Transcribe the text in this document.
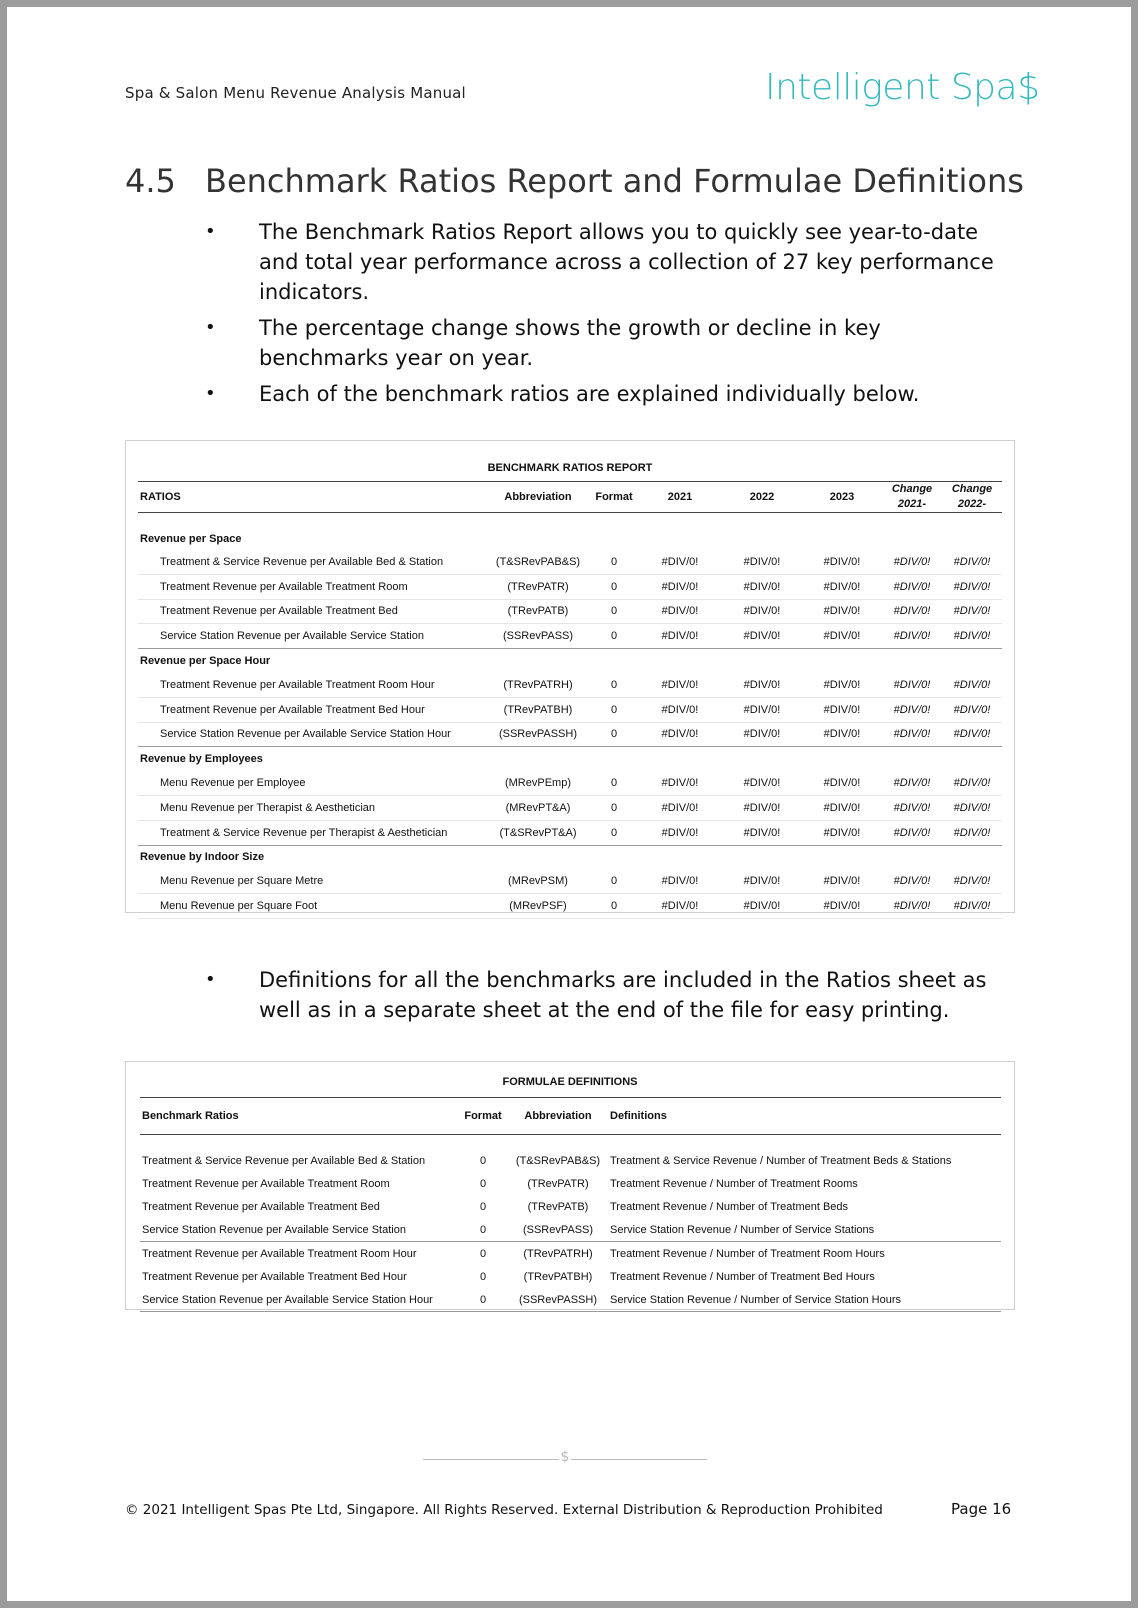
Spa & Salon Menu Revenue Analysis Manual	Intelligent Spa$
4.5 Benchmark Ratios Report and Formulae Definitions
• The Benchmark Ratios Report allows you to quickly see year-to-date and total year performance across a collection of 27 key performance indicators.
• The percentage change shows the growth or decline in key benchmarks year on year.
• Each of the benchmark ratios are explained individually below.
BENCHMARK RATIOS REPORT
RATIOS	Abbreviation	Format	2021	2022	2023	Change 2021-	Change 2022-
Revenue per Space							
Treatment & Service Revenue per Available Bed & Station	(T&SRevPAB&S)	0	#DIV/0!	#DIV/0!	#DIV/0!	#DIV/0!	#DIV/0!
Treatment Revenue per Available Treatment Room	(TRevPATR)	0	#DIV/0!	#DIV/0!	#DIV/0!	#DIV/0!	#DIV/0!
Treatment Revenue per Available Treatment Bed	(TRevPATB)	0	#DIV/0!	#DIV/0!	#DIV/0!	#DIV/0!	#DIV/0!
Service Station Revenue per Available Service Station	(SSRevPASS)	0	#DIV/0!	#DIV/0!	#DIV/0!	#DIV/0!	#DIV/0!
Revenue per Space Hour							
Treatment Revenue per Available Treatment Room Hour	(TRevPATRH)	0	#DIV/0!	#DIV/0!	#DIV/0!	#DIV/0!	#DIV/0!
Treatment Revenue per Available Treatment Bed Hour	(TRevPATBH)	0	#DIV/0!	#DIV/0!	#DIV/0!	#DIV/0!	#DIV/0!
Service Station Revenue per Available Service Station Hour	(SSRevPASSH)	0	#DIV/0!	#DIV/0!	#DIV/0!	#DIV/0!	#DIV/0!
Revenue by Employees							
Menu Revenue per Employee	(MRevPEmp)	0	#DIV/0!	#DIV/0!	#DIV/0!	#DIV/0!	#DIV/0!
Menu Revenue per Therapist & Aesthetician	(MRevPT&A)	0	#DIV/0!	#DIV/0!	#DIV/0!	#DIV/0!	#DIV/0!
Treatment & Service Revenue per Therapist & Aesthetician	(T&SRevPT&A)	0	#DIV/0!	#DIV/0!	#DIV/0!	#DIV/0!	#DIV/0!
Revenue by Indoor Size							
Menu Revenue per Square Metre	(MRevPSM)	0	#DIV/0!	#DIV/0!	#DIV/0!	#DIV/0!	#DIV/0!
Menu Revenue per Square Foot	(MRevPSF)	0	#DIV/0!	#DIV/0!	#DIV/0!	#DIV/0!	#DIV/0!
• Definitions for all the benchmarks are included in the Ratios sheet as well as in a separate sheet at the end of the file for easy printing.
FORMULAE DEFINITIONS
Benchmark Ratios	Format	Abbreviation	Definitions
Treatment & Service Revenue per Available Bed & Station	0	(T&SRevPAB&S)	Treatment & Service Revenue / Number of Treatment Beds & Stations
Treatment Revenue per Available Treatment Room	0	(TRevPATR)	Treatment Revenue / Number of Treatment Rooms
Treatment Revenue per Available Treatment Bed	0	(TRevPATB)	Treatment Revenue / Number of Treatment Beds
Service Station Revenue per Available Service Station	0	(SSRevPASS)	Service Station Revenue / Number of Service Stations
Treatment Revenue per Available Treatment Room Hour	0	(TRevPATRH)	Treatment Revenue / Number of Treatment Room Hours
Treatment Revenue per Available Treatment Bed Hour	0	(TRevPATBH)	Treatment Revenue / Number of Treatment Bed Hours
Service Station Revenue per Available Service Station Hour	0	(SSRevPASSH)	Service Station Revenue / Number of Service Station Hours
$
© 2021 Intelligent Spas Pte Ltd, Singapore. All Rights Reserved. External Distribution & Reproduction Prohibited	Page 16
